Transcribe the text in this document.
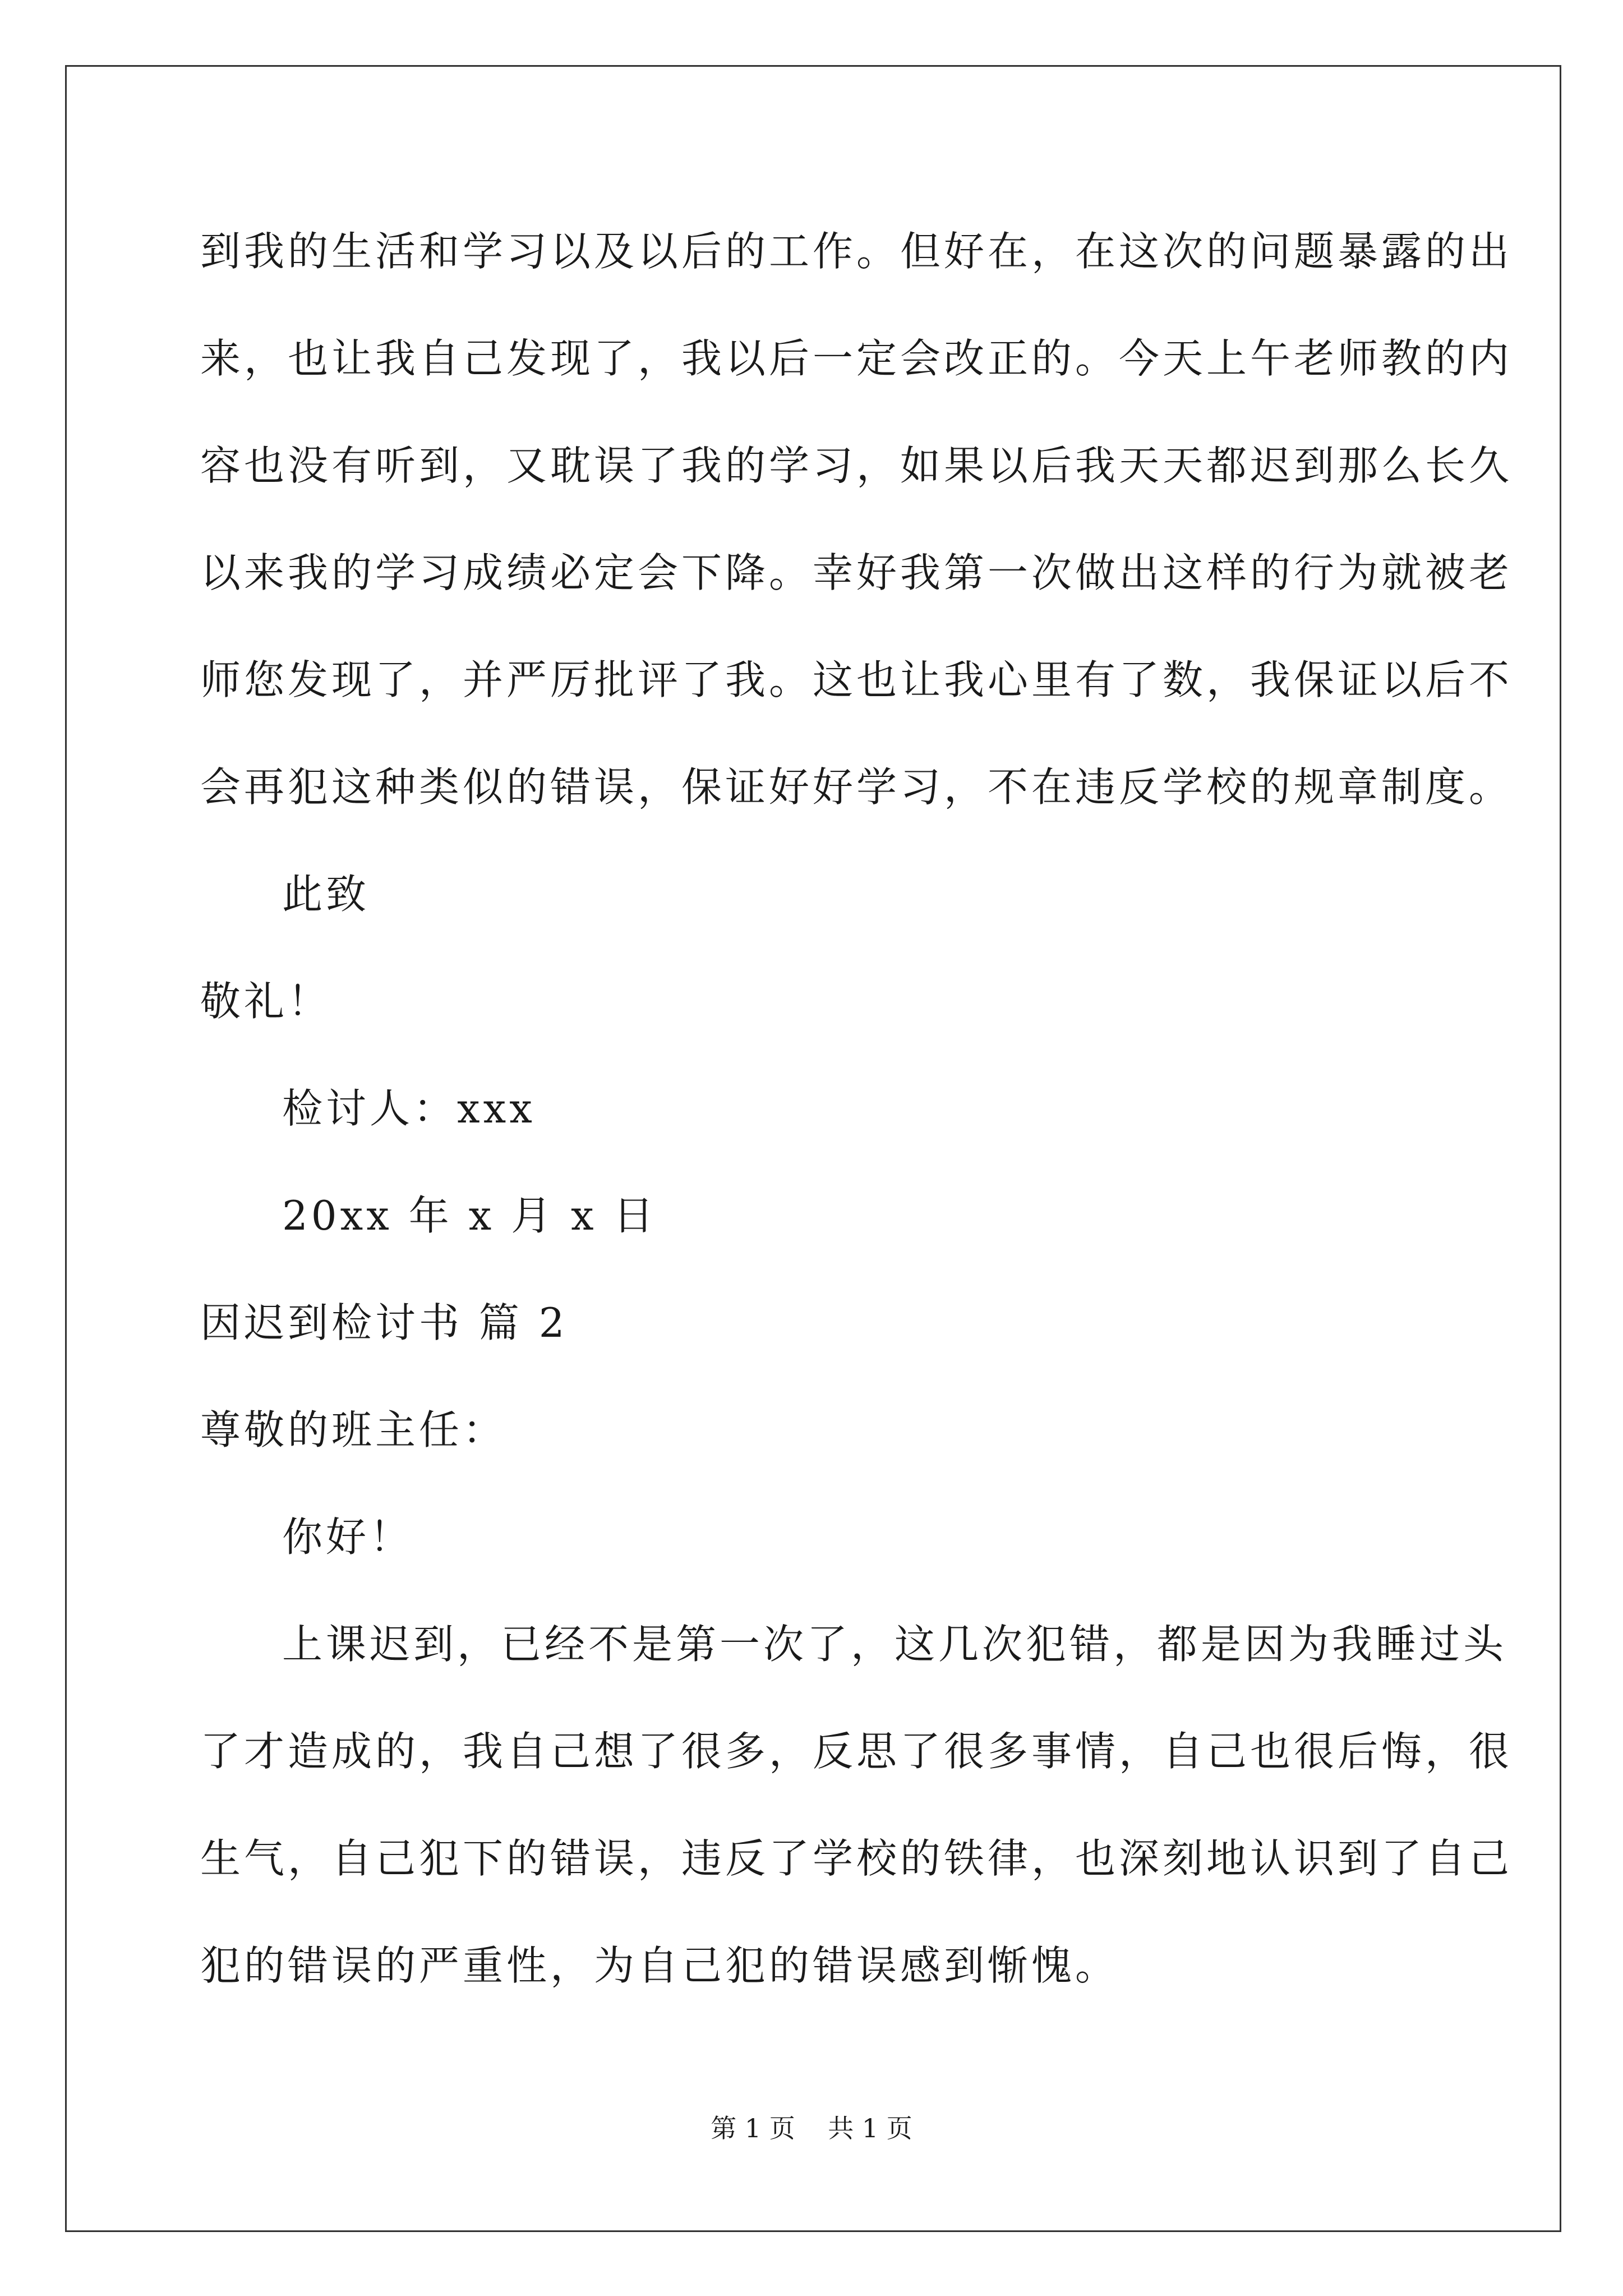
到我的生活和学习以及以后的工作。但好在，在这次的问题暴露的出
来，也让我自己发现了，我以后一定会改正的。今天上午老师教的内
容也没有听到，又耽误了我的学习，如果以后我天天都迟到那么长久
以来我的学习成绩必定会下降。幸好我第一次做出这样的行为就被老
师您发现了，并严厉批评了我。这也让我心里有了数，我保证以后不
会再犯这种类似的错误，保证好好学习，不在违反学校的规章制度。
此致
敬礼！
检讨人：xxx
20xx 年 x 月 x 日
因迟到检讨书 篇 2
尊敬的班主任：
你好！
上课迟到，已经不是第一次了，这几次犯错，都是因为我睡过头
了才造成的，我自己想了很多，反思了很多事情，自己也很后悔，很
生气，自己犯下的错误，违反了学校的铁律，也深刻地认识到了自己
犯的错误的严重性，为自己犯的错误感到惭愧。
第 1 页    共 1 页
